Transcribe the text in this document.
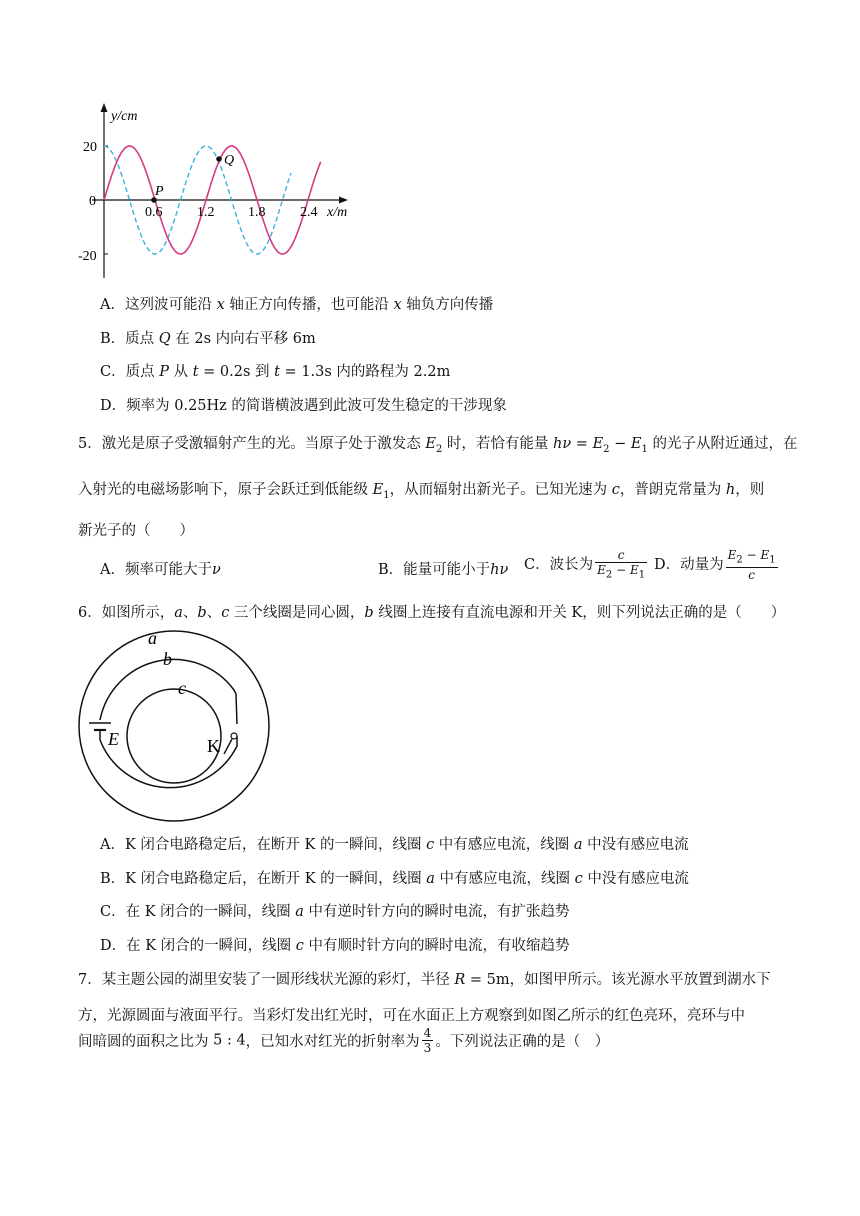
y/cm
20
0
-20
0.6 1.2 1.8 2.4 x/m
P
Q
A．这列波可能沿 x 轴正方向传播，也可能沿 x 轴负方向传播
B．质点 Q 在 2s 内向右平移 6m
C．质点 P 从 t = 0.2s 到 t = 1.3s 内的路程为 2.2m
D．频率为 0.25Hz 的简谐横波遇到此波可发生稳定的干涉现象
5．激光是原子受激辐射产生的光。当原子处于激发态 $E_2$ 时，若恰有能量 $h\nu = E_2 - E_1$ 的光子从附近通过，在
入射光的电磁场影响下，原子会跃迁到低能级 $E_1$，从而辐射出新光子。已知光速为 c，普朗克常量为 h，则
新光子的（　　）
A．频率可能大于ν	B．能量可能小于hν C．波长为 $\frac{c}{E_2 - E_1}$ D．动量为 $\frac{E_2 - E_1}{c}$
6．如图所示，a、b、c 三个线圈是同心圆，b 线圈上连接有直流电源和开关 K，则下列说法正确的是（　　）
a
b
c
E	K
A．K 闭合电路稳定后，在断开 K 的一瞬间，线圈 c 中有感应电流，线圈 a 中没有感应电流
B．K 闭合电路稳定后，在断开 K 的一瞬间，线圈 a 中有感应电流，线圈 c 中没有感应电流
C．在 K 闭合的一瞬间，线圈 a 中有逆时针方向的瞬时电流，有扩张趋势
D．在 K 闭合的一瞬间，线圈 c 中有顺时针方向的瞬时电流，有收缩趋势
7．某主题公园的湖里安装了一圆形线状光源的彩灯，半径 R = 5m，如图甲所示。该光源水平放置到湖水下
方，光源圆面与液面平行。当彩灯发出红光时，可在水面正上方观察到如图乙所示的红色亮环，亮环与中
间暗圆的面积之比为 5 : 4，已知水对红光的折射率为 $\frac{4}{3}$ 。下列说法正确的是（　）
